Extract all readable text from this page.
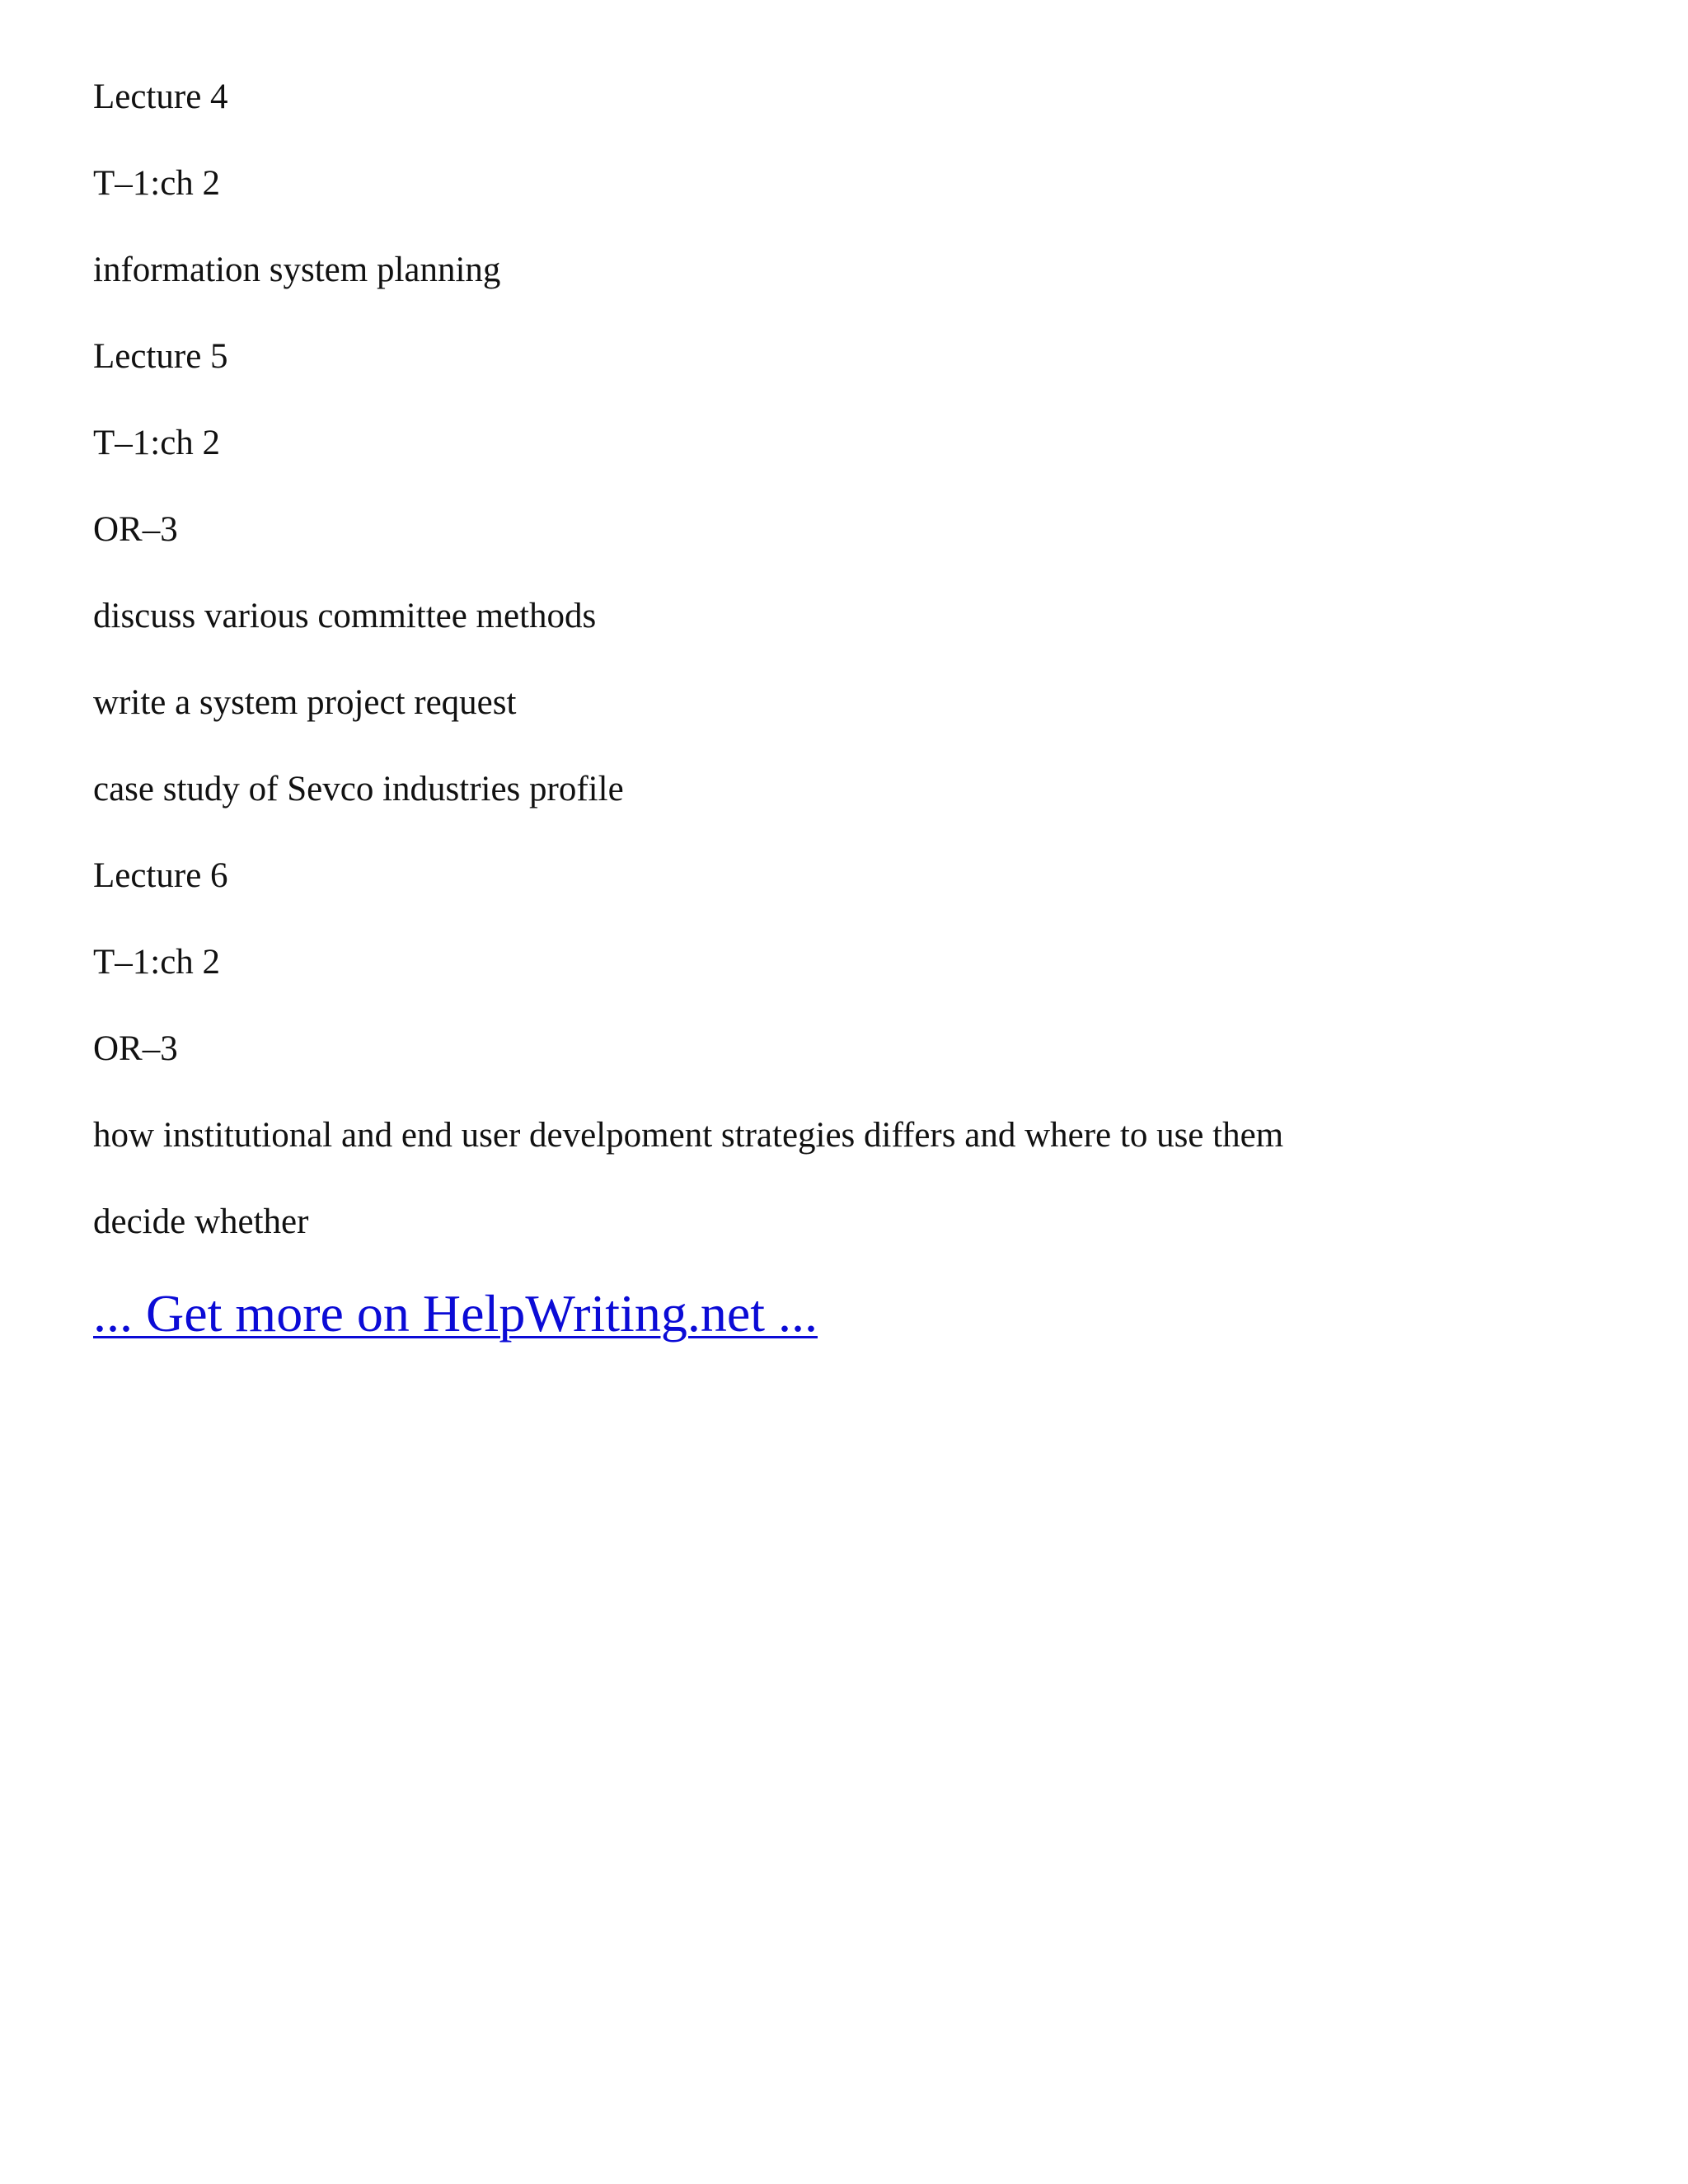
Lecture 4
T–1:ch 2
information system planning
Lecture 5
T–1:ch 2
OR–3
discuss various committee methods
write a system project request
case study of Sevco industries profile
Lecture 6
T–1:ch 2
OR–3
how institutional and end user develpoment strategies differs and where to use them
decide whether
... Get more on HelpWriting.net ...
